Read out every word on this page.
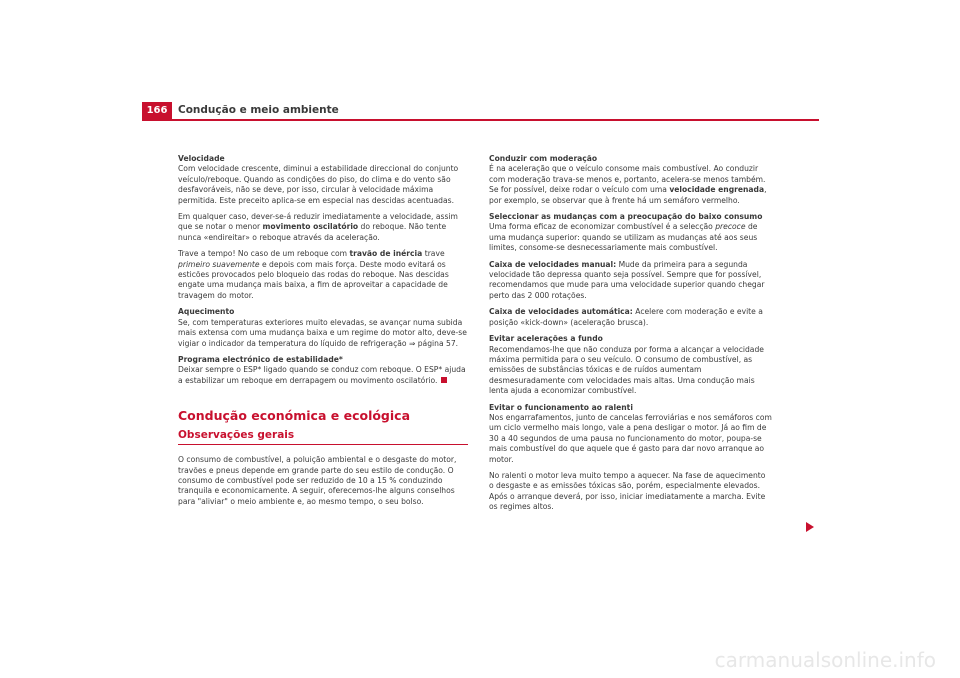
166	Condução e meio ambiente

Velocidade

Com velocidade crescente, diminui a estabilidade direccional do conjunto veículo/reboque. Quando as condições do piso, do clima e do vento são desfavoráveis, não se deve, por isso, circular à velocidade máxima permitida. Este preceito aplica-se em especial nas descidas acentuadas.

Em qualquer caso, dever-se-á reduzir imediatamente a velocidade, assim que se notar o menor movimento oscilatório do reboque. Não tente nunca «endireitar» o reboque através da aceleração.

Trave a tempo! No caso de um reboque com travão de inércia trave primeiro suavemente e depois com mais força. Deste modo evitará os esticões provocados pelo bloqueio das rodas do reboque. Nas descidas engate uma mudança mais baixa, a fim de aproveitar a capacidade de travagem do motor.

Aquecimento

Se, com temperaturas exteriores muito elevadas, se avançar numa subida mais extensa com uma mudança baixa e um regime do motor alto, deve-se vigiar o indicador da temperatura do líquido de refrigeração ⇒ página 57.

Programa electrónico de estabilidade*

Deixar sempre o ESP* ligado quando se conduz com reboque. O ESP* ajuda a estabilizar um reboque em derrapagem ou movimento oscilatório.

Condução económica e ecológica
Observações gerais

O consumo de combustível, a poluição ambiental e o desgaste do motor, travões e pneus depende em grande parte do seu estilo de condução. O consumo de combustível pode ser reduzido de 10 a 15 % conduzindo tranquila e economicamente. A seguir, oferecemos-lhe alguns conselhos para "aliviar" o meio ambiente e, ao mesmo tempo, o seu bolso.

Conduzir com moderação

É na aceleração que o veículo consome mais combustível. Ao conduzir com moderação trava-se menos e, portanto, acelera-se menos também. Se for possível, deixe rodar o veículo com uma velocidade engrenada, por exemplo, se observar que à frente há um semáforo vermelho.

Seleccionar as mudanças com a preocupação do baixo consumo

Uma forma eficaz de economizar combustível é a selecção precoce de uma mudança superior: quando se utilizam as mudanças até aos seus limites, consome-se desnecessariamente mais combustível.

Caixa de velocidades manual: Mude da primeira para a segunda velocidade tão depressa quanto seja possível. Sempre que for possível, recomendamos que mude para uma velocidade superior quando chegar perto das 2 000 rotações.

Caixa de velocidades automática: Acelere com moderação e evite a posição «kick-down» (aceleração brusca).

Evitar acelerações a fundo

Recomendamos-lhe que não conduza por forma a alcançar a velocidade máxima permitida para o seu veículo. O consumo de combustível, as emissões de substâncias tóxicas e de ruídos aumentam desmesuradamente com velocidades mais altas. Uma condução mais lenta ajuda a economizar combustível.

Evitar o funcionamento ao ralenti

Nos engarrafamentos, junto de cancelas ferroviárias e nos semáforos com um ciclo vermelho mais longo, vale a pena desligar o motor. Já ao fim de 30 a 40 segundos de uma pausa no funcionamento do motor, poupa-se mais combustível do que aquele que é gasto para dar novo arranque ao motor.

No ralenti o motor leva muito tempo a aquecer. Na fase de aquecimento o desgaste e as emissões tóxicas são, porém, especialmente elevados. Após o arranque deverá, por isso, iniciar imediatamente a marcha. Evite os regimes altos.

carmanualsonline.info
